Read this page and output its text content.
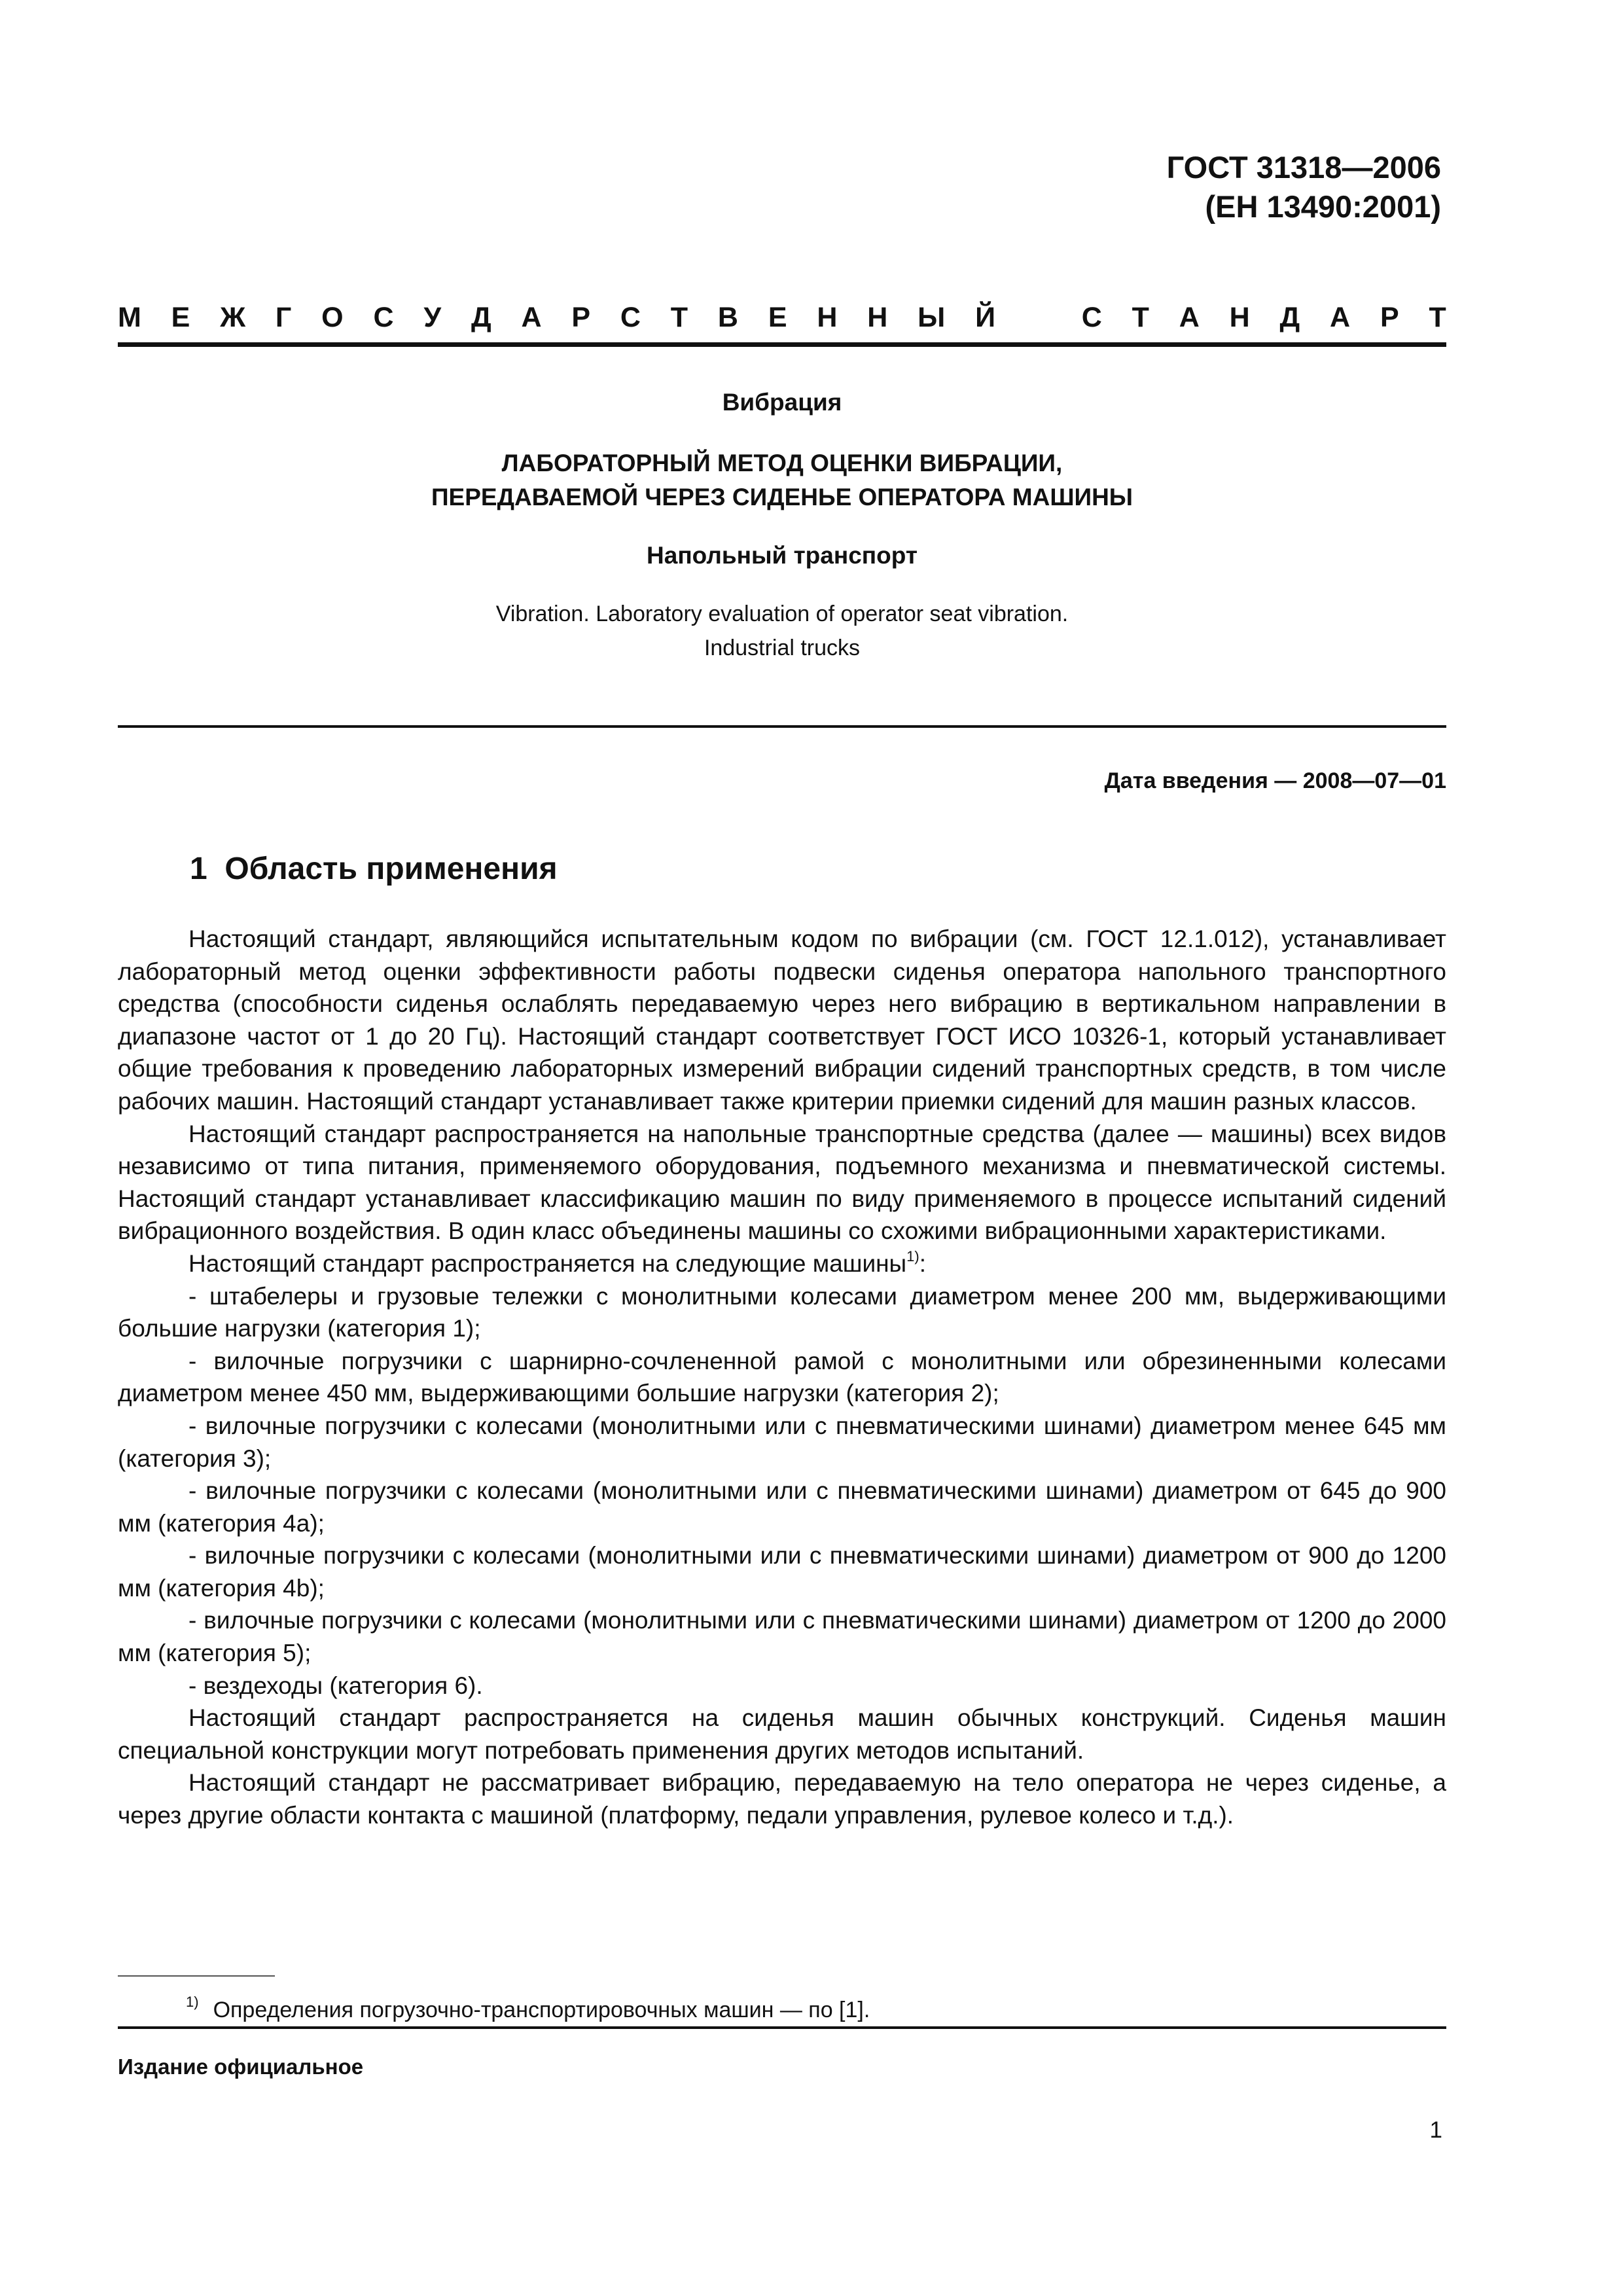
ГОСТ 31318—2006
(ЕН 13490:2001)
М Е Ж Г О С У Д А Р С Т В Е Н Н Ы Й	С Т А Н Д А Р Т

Вибрация

ЛАБОРАТОРНЫЙ МЕТОД ОЦЕНКИ ВИБРАЦИИ,
ПЕРЕДАВАЕМОЙ ЧЕРЕЗ СИДЕНЬЕ ОПЕРАТОРА МАШИНЫ

Напольный транспорт

Vibration. Laboratory evaluation of operator seat vibration.
Industrial trucks

Дата введения — 2008—07—01
1 Область применения

Настоящий стандарт, являющийся испытательным кодом по вибрации (см. ГОСТ 12.1.012), устанавливает лабораторный метод оценки эффективности работы подвески сиденья оператора напольного транспортного средства (способности сиденья ослаблять передаваемую через него вибрацию в вертикальном направлении в диапазоне частот от 1 до 20 Гц). Настоящий стандарт соответствует ГОСТ ИСО 10326-1, который устанавливает общие требования к проведению лабораторных измерений вибрации сидений транспортных средств, в том числе рабочих машин. Настоящий стандарт устанавливает также критерии приемки сидений для машин разных классов.

Настоящий стандарт распространяется на напольные транспортные средства (далее — машины) всех видов независимо от типа питания, применяемого оборудования, подъемного механизма и пневматической системы. Настоящий стандарт устанавливает классификацию машин по виду применяемого в процессе испытаний сидений вибрационного воздействия. В один класс объединены машины со схожими вибрационными характеристиками.

Настоящий стандарт распространяется на следующие машины$^{1)}$:

- штабелеры и грузовые тележки с монолитными колесами диаметром менее 200 мм, выдерживающими большие нагрузки (категория 1);

- вилочные погрузчики с шарнирно-сочлененной рамой с монолитными или обрезиненными колесами диаметром менее 450 мм, выдерживающими большие нагрузки (категория 2);

- вилочные погрузчики с колесами (монолитными или с пневматическими шинами) диаметром менее 645 мм (категория 3);

- вилочные погрузчики с колесами (монолитными или с пневматическими шинами) диаметром от 645 до 900 мм (категория 4а);

- вилочные погрузчики с колесами (монолитными или с пневматическими шинами) диаметром от 900 до 1200 мм (категория 4b);

- вилочные погрузчики с колесами (монолитными или с пневматическими шинами) диаметром от 1200 до 2000 мм (категория 5);

- вездеходы (категория 6).

Настоящий стандарт распространяется на сиденья машин обычных конструкций. Сиденья машин специальной конструкции могут потребовать применения других методов испытаний.

Настоящий стандарт не рассматривает вибрацию, передаваемую на тело оператора не через сиденье, а через другие области контакта с машиной (платформу, педали управления, рулевое колесо и т.д.).

$^{1)}$ Определения погрузочно-транспортировочных машин — по [1].
Издание официальное
1
